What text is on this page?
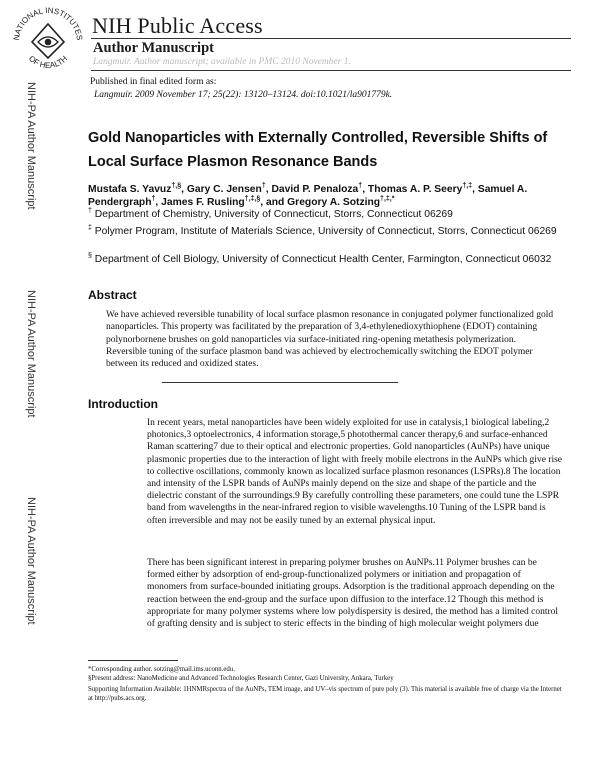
NATIONAL INSTITUTES
OF HEALTH
NIH Public Access
Author Manuscript
Langmuir. Author manuscript; available in PMC 2010 November 1.
Published in final edited form as:
Langmuir. 2009 November 17; 25(22): 13120–13124. doi:10.1021/la901779k.
NIH-PA Author Manuscript
NIH-PA Author Manuscript
NIH-PA Author Manuscript
Gold Nanoparticles with Externally Controlled, Reversible Shifts of Local Surface Plasmon Resonance Bands
Mustafa S. Yavuz†,§, Gary C. Jensen†, David P. Penaloza†, Thomas A. P. Seery†,‡, Samuel A. Pendergraph†, James F. Rusling†,‡,§, and Gregory A. Sotzing†,‡,*
† Department of Chemistry, University of Connecticut, Storrs, Connecticut 06269
‡ Polymer Program, Institute of Materials Science, University of Connecticut, Storrs, Connecticut 06269
§ Department of Cell Biology, University of Connecticut Health Center, Farmington, Connecticut 06032
Abstract
We have achieved reversible tunability of local surface plasmon resonance in conjugated polymer functionalized gold nanoparticles. This property was facilitated by the preparation of 3,4-ethylenedioxythiophene (EDOT) containing polynorbornene brushes on gold nanoparticles via surface-initiated ring-opening metathesis polymerization. Reversible tuning of the surface plasmon band was achieved by electrochemically switching the EDOT polymer between its reduced and oxidized states.
Introduction
In recent years, metal nanoparticles have been widely exploited for use in catalysis,1 biological labeling,2 photonics,3 optoelectronics, 4 information storage,5 photothermal cancer therapy,6 and surface-enhanced Raman scattering7 due to their optical and electronic properties. Gold nanoparticles (AuNPs) have unique plasmonic properties due to the interaction of light with freely mobile electrons in the AuNPs which give rise to collective oscillations, commonly known as localized surface plasmon resonances (LSPRs).8 The location and intensity of the LSPR bands of AuNPs mainly depend on the size and shape of the particle and the dielectric constant of the surroundings.9 By carefully controlling these parameters, one could tune the LSPR band from wavelengths in the near-infrared region to visible wavelengths.10 Tuning of the LSPR band is often irreversible and may not be easily tuned by an external physical input.
There has been significant interest in preparing polymer brushes on AuNPs.11 Polymer brushes can be formed either by adsorption of end-group-functionalized polymers or initiation and propagation of monomers from surface-bounded initiating groups. Adsorption is the traditional approach depending on the reaction between the end-group and the surface upon diffusion to the interface.12 Though this method is appropriate for many polymer systems where low polydispersity is desired, the method has a limited control of grafting density and is subject to steric effects in the binding of high molecular weight polymers due
*Corresponding author. sotzing@mail.ims.uconn.edu.
§Present address: NanoMedicine and Advanced Technologies Research Center, Gazi University, Ankara, Turkey
Supporting Information Available: 1HNMRspectra of the AuNPs, TEM image, and UV–vis spectrum of pure poly (3). This material is available free of charge via the Internet at http://pubs.acs.org.
